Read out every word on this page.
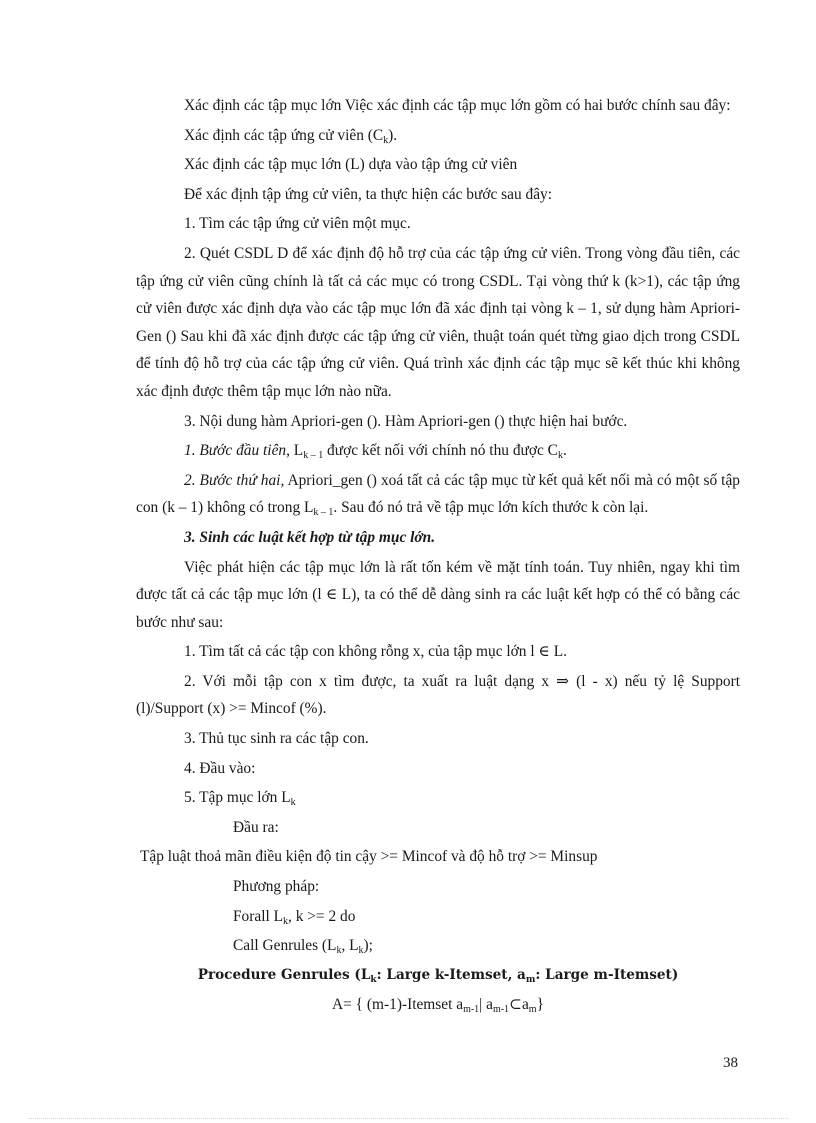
Xác định các tập mục lớn Việc xác định các tập mục lớn gồm có hai bước chính sau đây:

Xác định các tập ứng cử viên $(C_k)$.

Xác định các tập mục lớn (L) dựa vào tập ứng cử viên

Để xác định tập ứng cử viên, ta thực hiện các bước sau đây:

1. Tìm các tập ứng cử viên một mục.

2. Quét CSDL D để xác định độ hỗ trợ của các tập ứng cử viên. Trong vòng đầu tiên, các tập ứng cử viên cũng chính là tất cả các mục có trong CSDL. Tại vòng thứ k (k>1), các tập ứng cử viên được xác định dựa vào các tập mục lớn đã xác định tại vòng k – 1, sử dụng hàm Apriori-Gen () Sau khi đã xác định được các tập ứng cử viên, thuật toán quét từng giao dịch trong CSDL để tính độ hỗ trợ của các tập ứng cử viên. Quá trình xác định các tập mục sẽ kết thúc khi không xác định được thêm tập mục lớn nào nữa.

3. Nội dung hàm Apriori-gen (). Hàm Apriori-gen () thực hiện hai bước.

1. Bước đầu tiên, $L_{k - 1}$ được kết nối với chính nó thu được $C_k$.

2. Bước thứ hai, Apriori_gen () xoá tất cả các tập mục từ kết quả kết nối mà có một số tập con (k – 1) không có trong $L_{k - 1}$. Sau đó nó trả về tập mục lớn kích thước k còn lại.

3. Sinh các luật kết hợp từ tập mục lớn.

Việc phát hiện các tập mục lớn là rất tốn kém về mặt tính toán. Tuy nhiên, ngay khi tìm được tất cả các tập mục lớn (l ∈ L), ta có thể dễ dàng sinh ra các luật kết hợp có thể có bằng các bước như sau:

1. Tìm tất cả các tập con không rỗng x, của tập mục lớn l ∈ L.

2. Với mỗi tập con x tìm được, ta xuất ra luật dạng x ⇒ (l - x) nếu tỷ lệ Support (l)/Support (x) >= Mincof (%).

3. Thủ tục sinh ra các tập con.

4. Đầu vào:

5. Tập mục lớn $L_k$

Đầu ra:

Tập luật thoả mãn điều kiện độ tin cậy >= Mincof và độ hỗ trợ >= Minsup

Phương pháp:

Forall $L_k$, k >= 2 do

Call Genrules ($L_k$, $L_k$);

Procedure Genrules ($L_k$: Large k-Itemset, $a_m$: Large m-Itemset)

A= { (m-1)-Itemset $a_{m-1}|$ $a_{m-1}\subset a_m$}

38
